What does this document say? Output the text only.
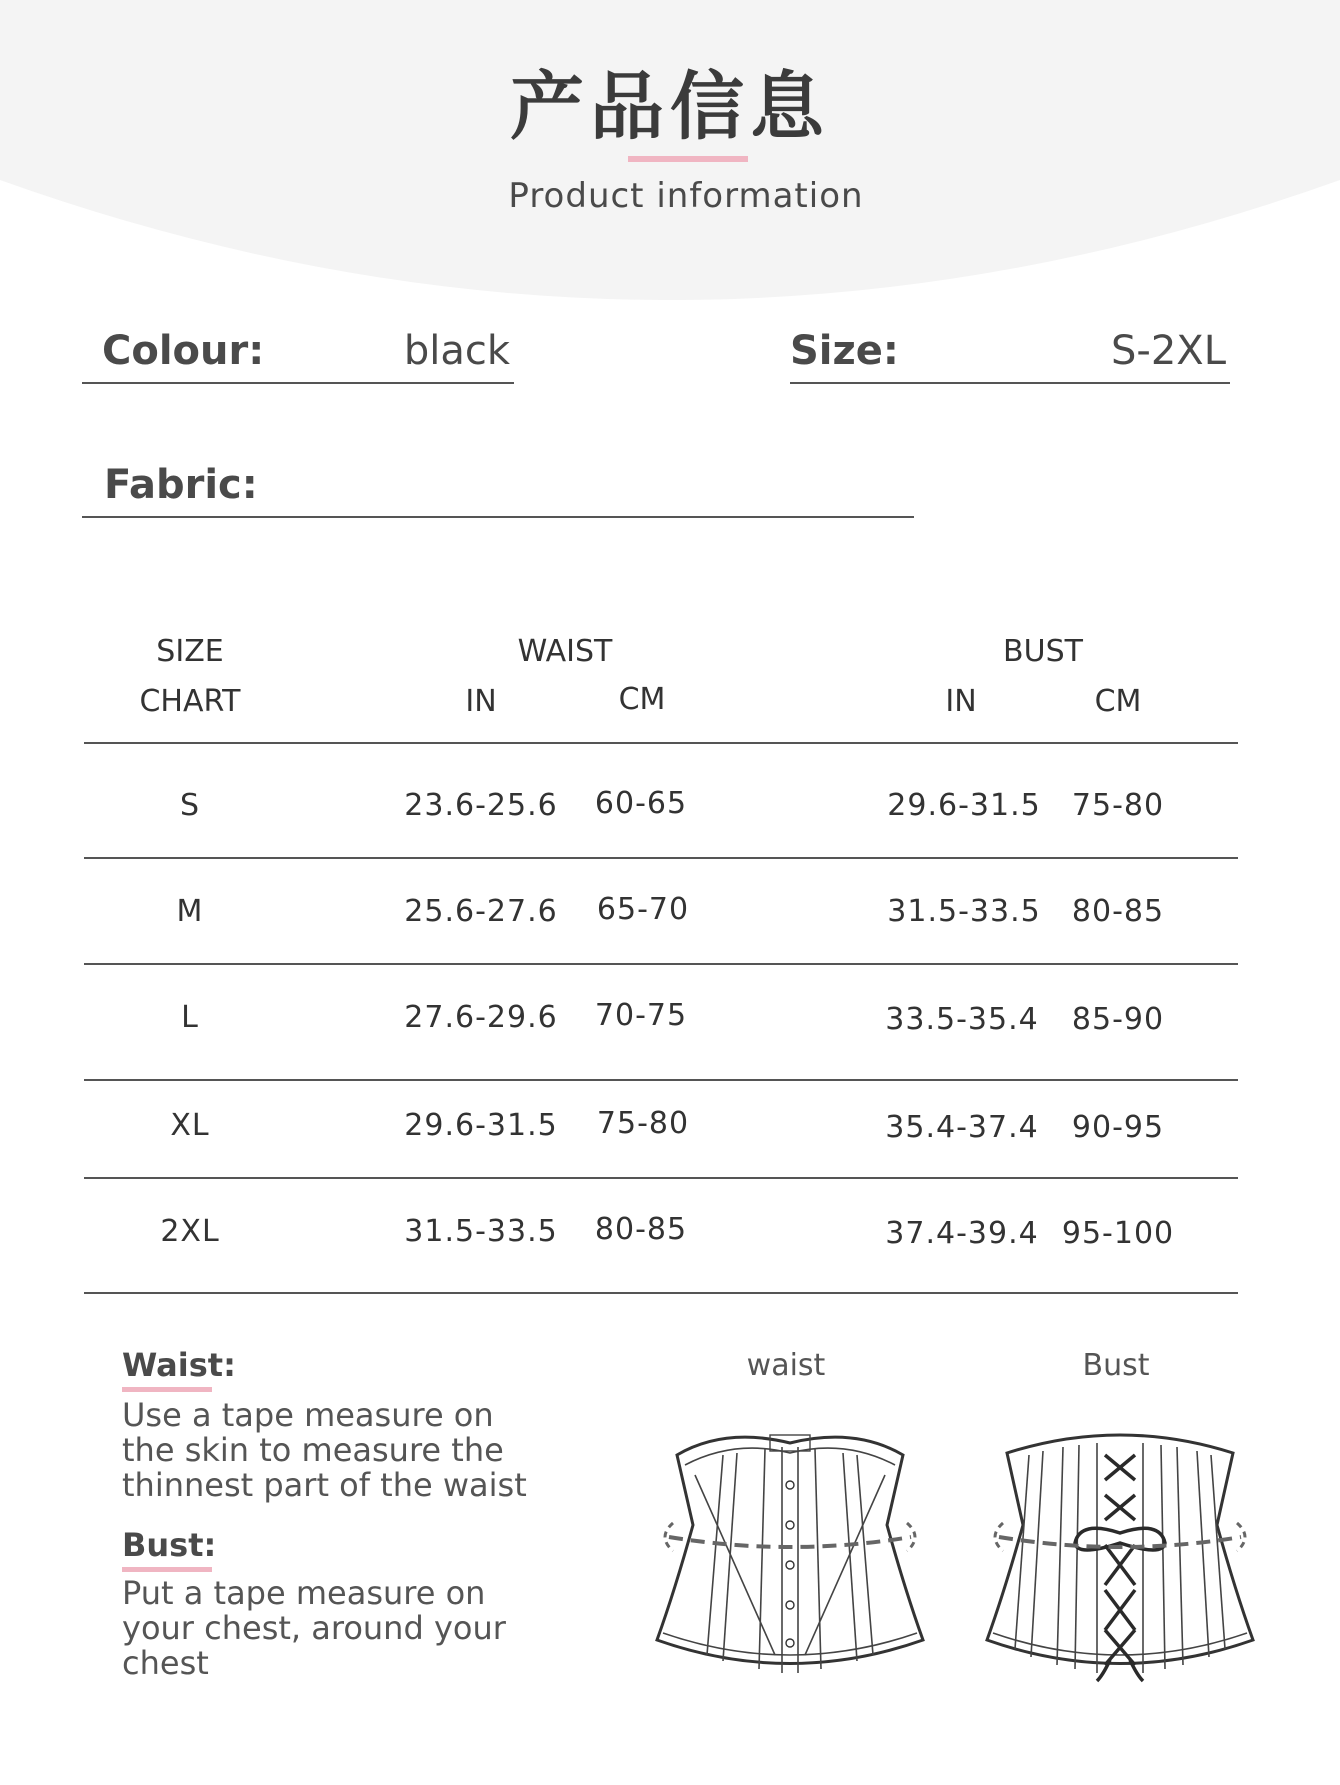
产品信息
Product information
Colour:	black	Size:	S-2XL
Fabric:
SIZE
CHART
WAIST
IN	CM
BUST
IN	CM
S	23.6-25.6	60-65	29.6-31.5	75-80
M	25.6-27.6	65-70	31.5-33.5	80-85
L	27.6-29.6	70-75	33.5-35.4	85-90
XL	29.6-31.5	75-80	35.4-37.4	90-95
2XL	31.5-33.5	80-85	37.4-39.4 95-100
Waist:
Use a tape measure on the skin to measure the thinnest part of the waist
Bust:
Put a tape measure on your chest, around your chest
waist	Bust
